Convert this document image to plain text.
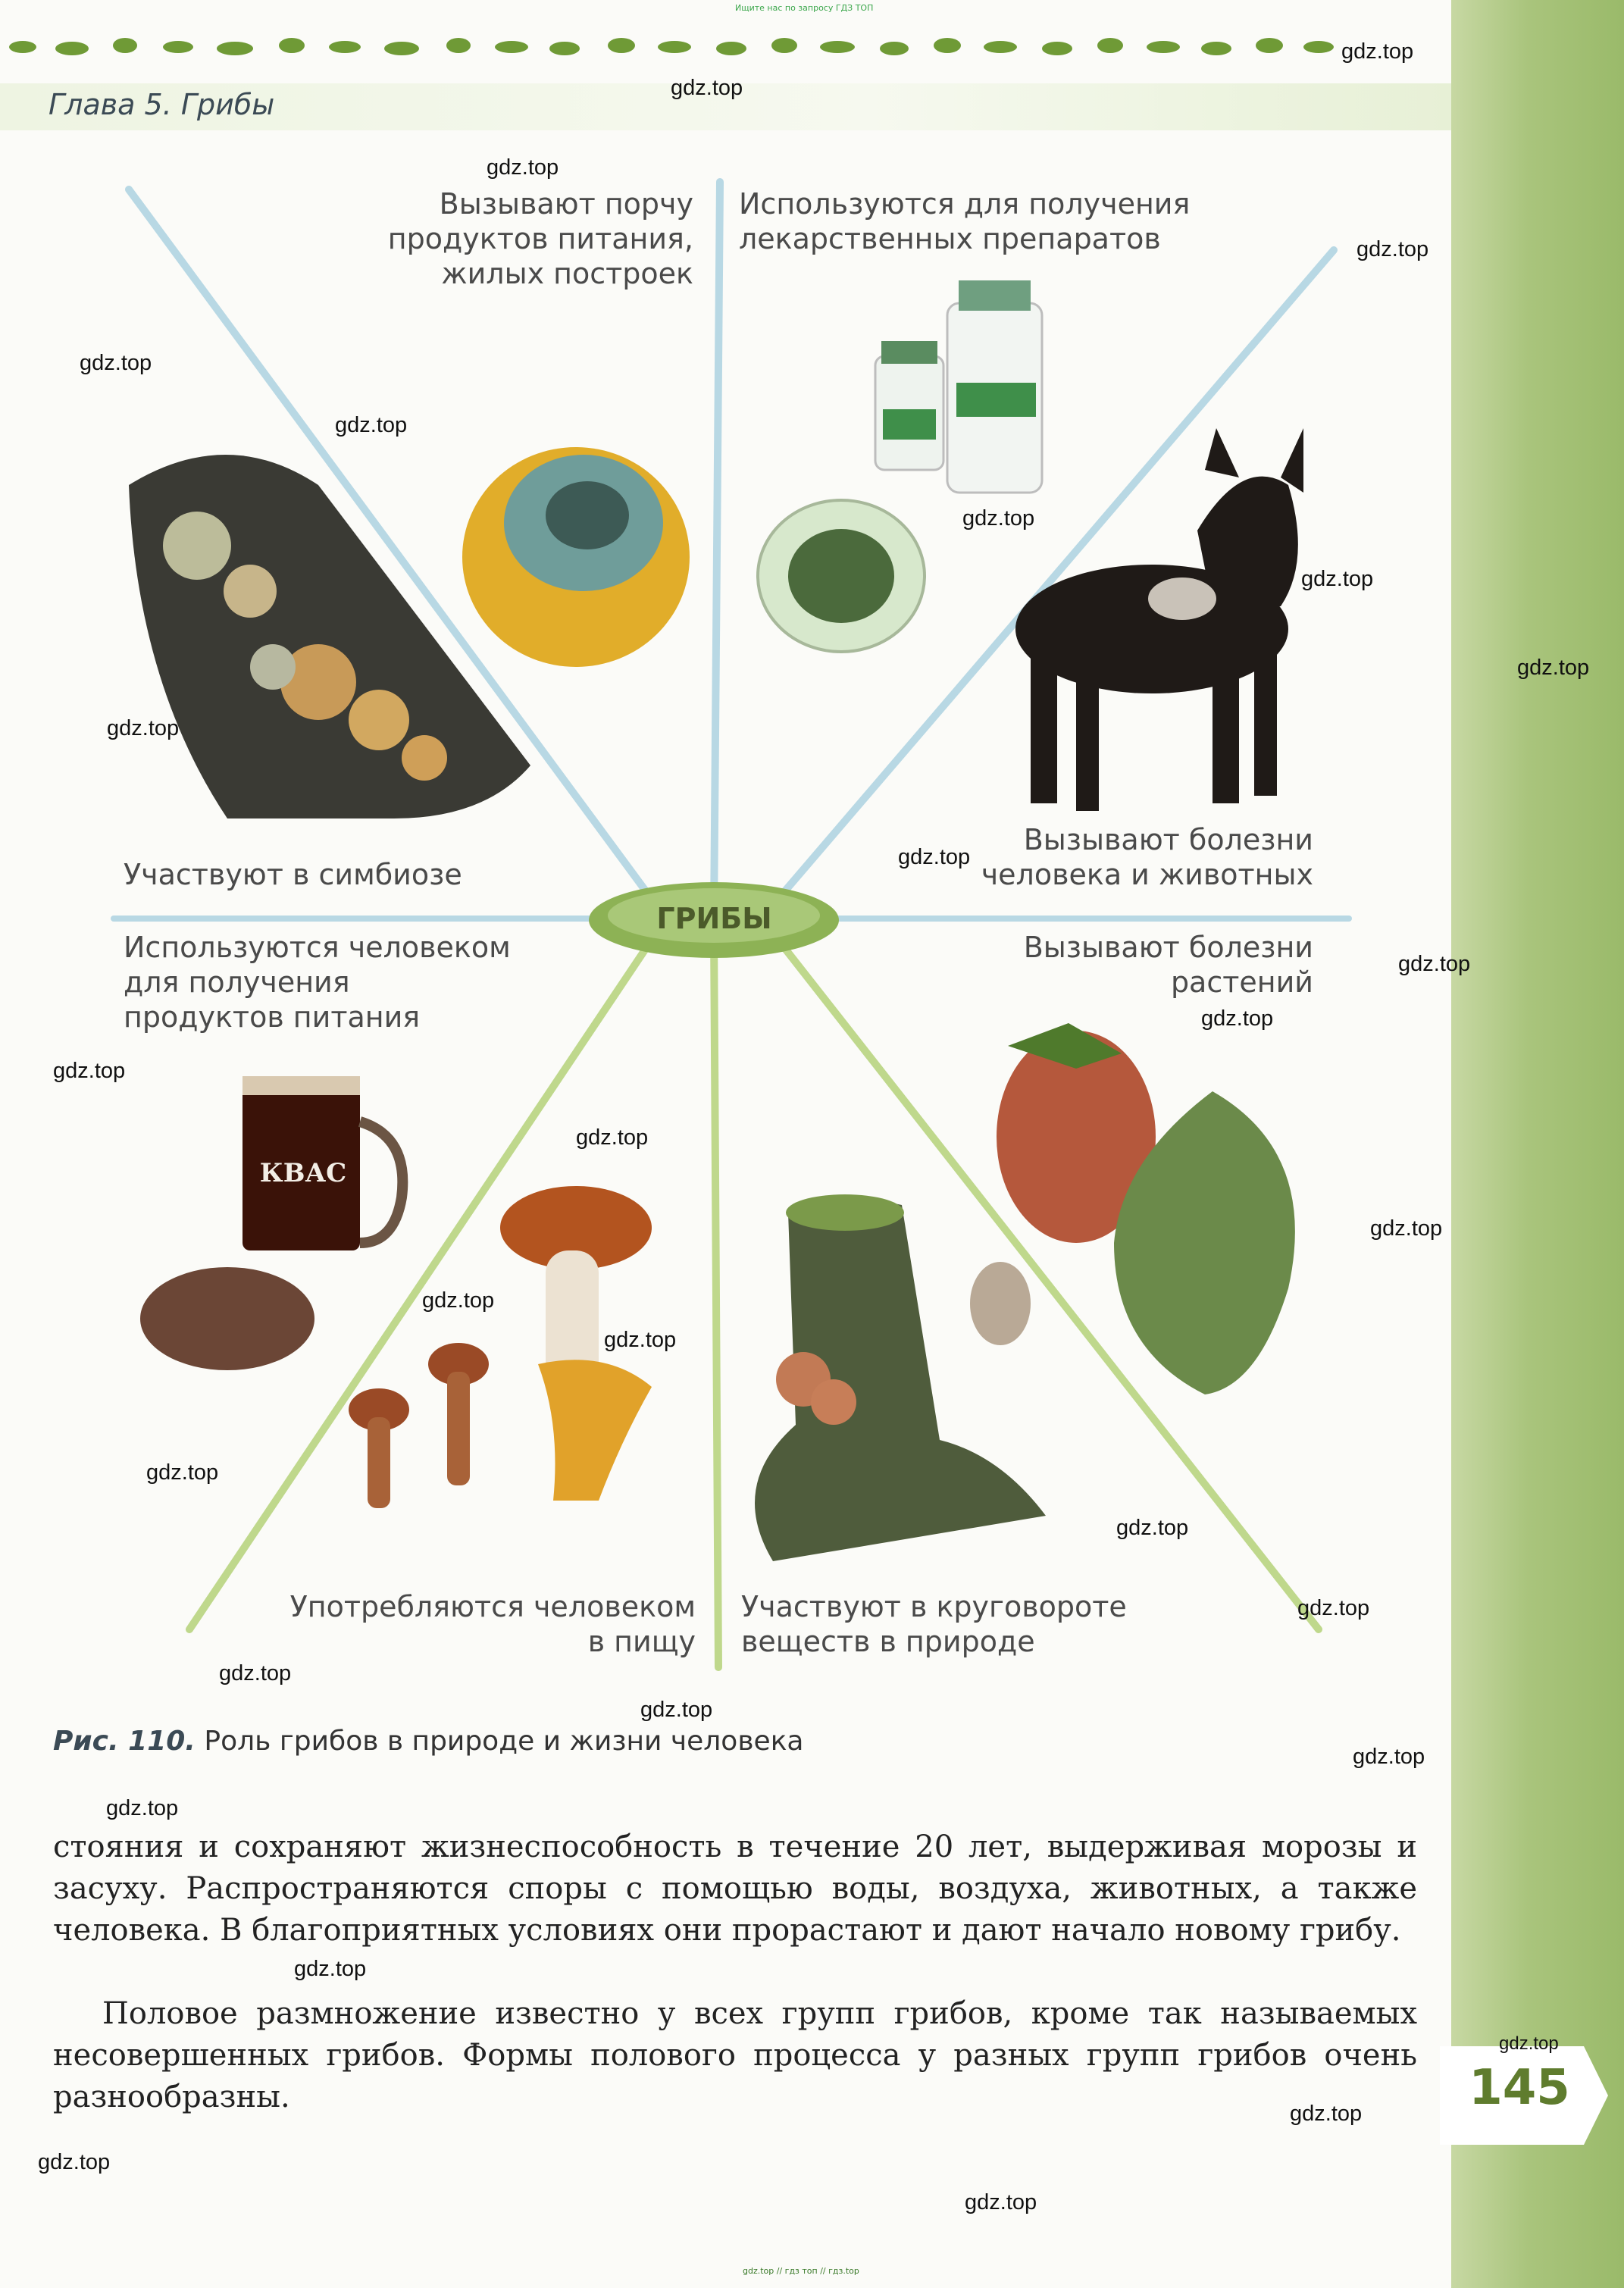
Ищите нас по запросу ГДЗ ТОП
Глава 5. Грибы
Вызывают порчу
продуктов питания,
жилых построек
Используются для получения
лекарственных препаратов
Участвуют в симбиозе
Вызывают болезни
человека и животных
Используются человеком
для получения
продуктов питания
Вызывают болезни
растений
Употребляются человеком
в пищу
Участвуют в круговороте
веществ в природе
ГРИБЫ
КВАС
Рис. 110. Роль грибов в природе и жизни человека
стояния и сохраняют жизнеспособность в течение 20 лет, выдерживая морозы и засуху. Распространяются споры с помощью воды, воздуха, животных, а также человека. В благоприятных условиях они прорастают и дают начало новому грибу.
Половое размножение известно у всех групп грибов, кроме так называемых несовершенных грибов. Формы полового процесса у разных групп грибов очень разнообразны.	145
gdz.top
gdz.top
gdz.top
gdz.top
gdz.top
gdz.top
gdz.top
gdz.top
gdz.top
gdz.top
gdz.top
gdz.top
gdz.top
gdz.top
gdz.top
gdz.top
gdz.top
gdz.top
gdz.top
gdz.top
gdz.top
gdz.top
gdz.top
gdz.top
gdz.top
gdz.top
gdz.top
gdz.top
gdz.top
gdz.top
gdz.top // гдз топ // гдз.top
